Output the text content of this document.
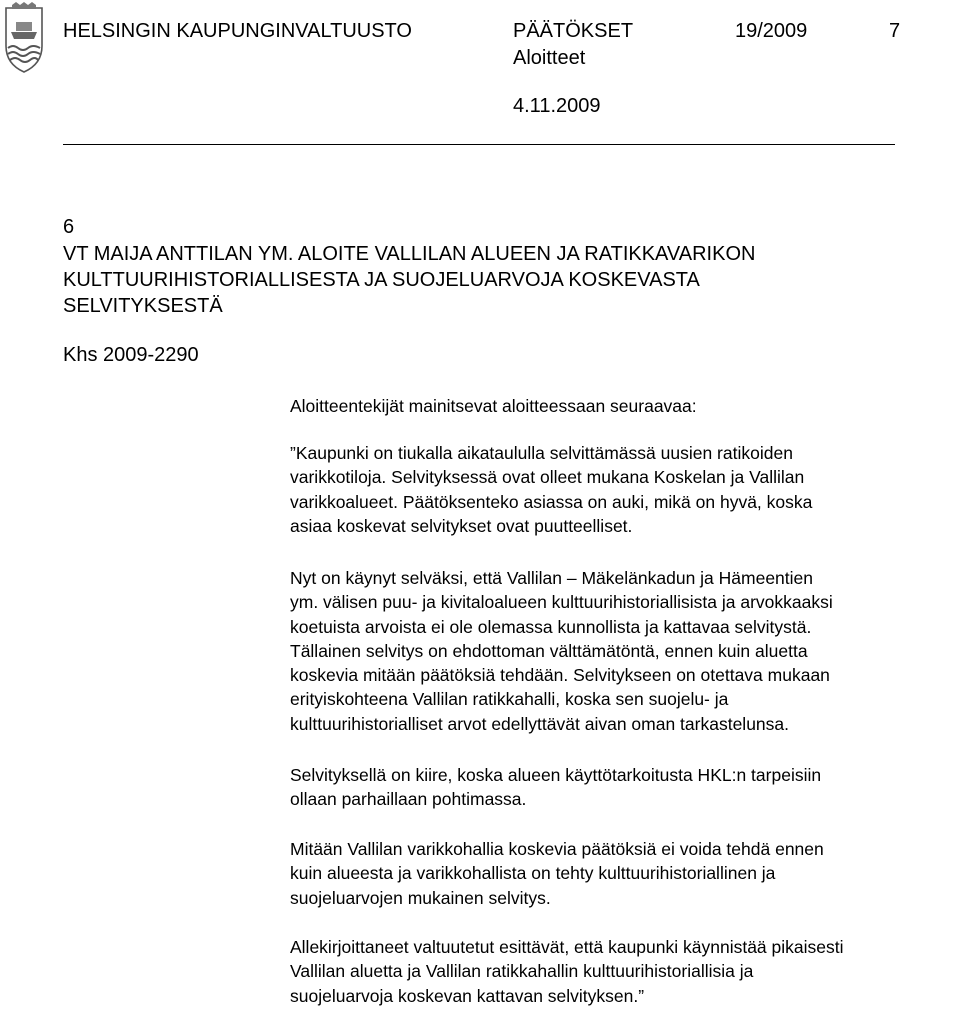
HELSINGIN KAUPUNGINVALTUUSTO	PÄÄTÖKSET	19/2009	7
Aloitteet
4.11.2009
6
VT MAIJA ANTTILAN YM. ALOITE VALLILAN ALUEEN JA RATIKKAVARIKON
KULTTUURIHISTORIALLISESTA JA SUOJELUARVOJA KOSKEVASTA
SELVITYKSESTÄ
Khs 2009-2290

Aloitteentekijät mainitsevat aloitteessaan seuraavaa:

”Kaupunki on tiukalla aikataululla selvittämässä uusien ratikoiden
varikkotiloja. Selvityksessä ovat olleet mukana Koskelan ja Vallilan
varikkoalueet. Päätöksenteko asiassa on auki, mikä on hyvä, koska
asiaa koskevat selvitykset ovat puutteelliset.

Nyt on käynyt selväksi, että Vallilan – Mäkelänkadun ja Hämeentien
ym. välisen puu- ja kivitaloalueen kulttuurihistoriallisista ja arvokkaaksi
koetuista arvoista ei ole olemassa kunnollista ja kattavaa selvitystä.
Tällainen selvitys on ehdottoman välttämätöntä, ennen kuin aluetta
koskevia mitään päätöksiä tehdään. Selvitykseen on otettava mukaan
erityiskohteena Vallilan ratikkahalli, koska sen suojelu- ja
kulttuurihistorialliset arvot edellyttävät aivan oman tarkastelunsa.

Selvityksellä on kiire, koska alueen käyttötarkoitusta HKL:n tarpeisiin
ollaan parhaillaan pohtimassa.

Mitään Vallilan varikkohallia koskevia päätöksiä ei voida tehdä ennen
kuin alueesta ja varikkohallista on tehty kulttuurihistoriallinen ja
suojeluarvojen mukainen selvitys.

Allekirjoittaneet valtuutetut esittävät, että kaupunki käynnistää pikaisesti
Vallilan aluetta ja Vallilan ratikkahallin kulttuurihistoriallisia ja
suojeluarvoja koskevan kattavan selvityksen.”
